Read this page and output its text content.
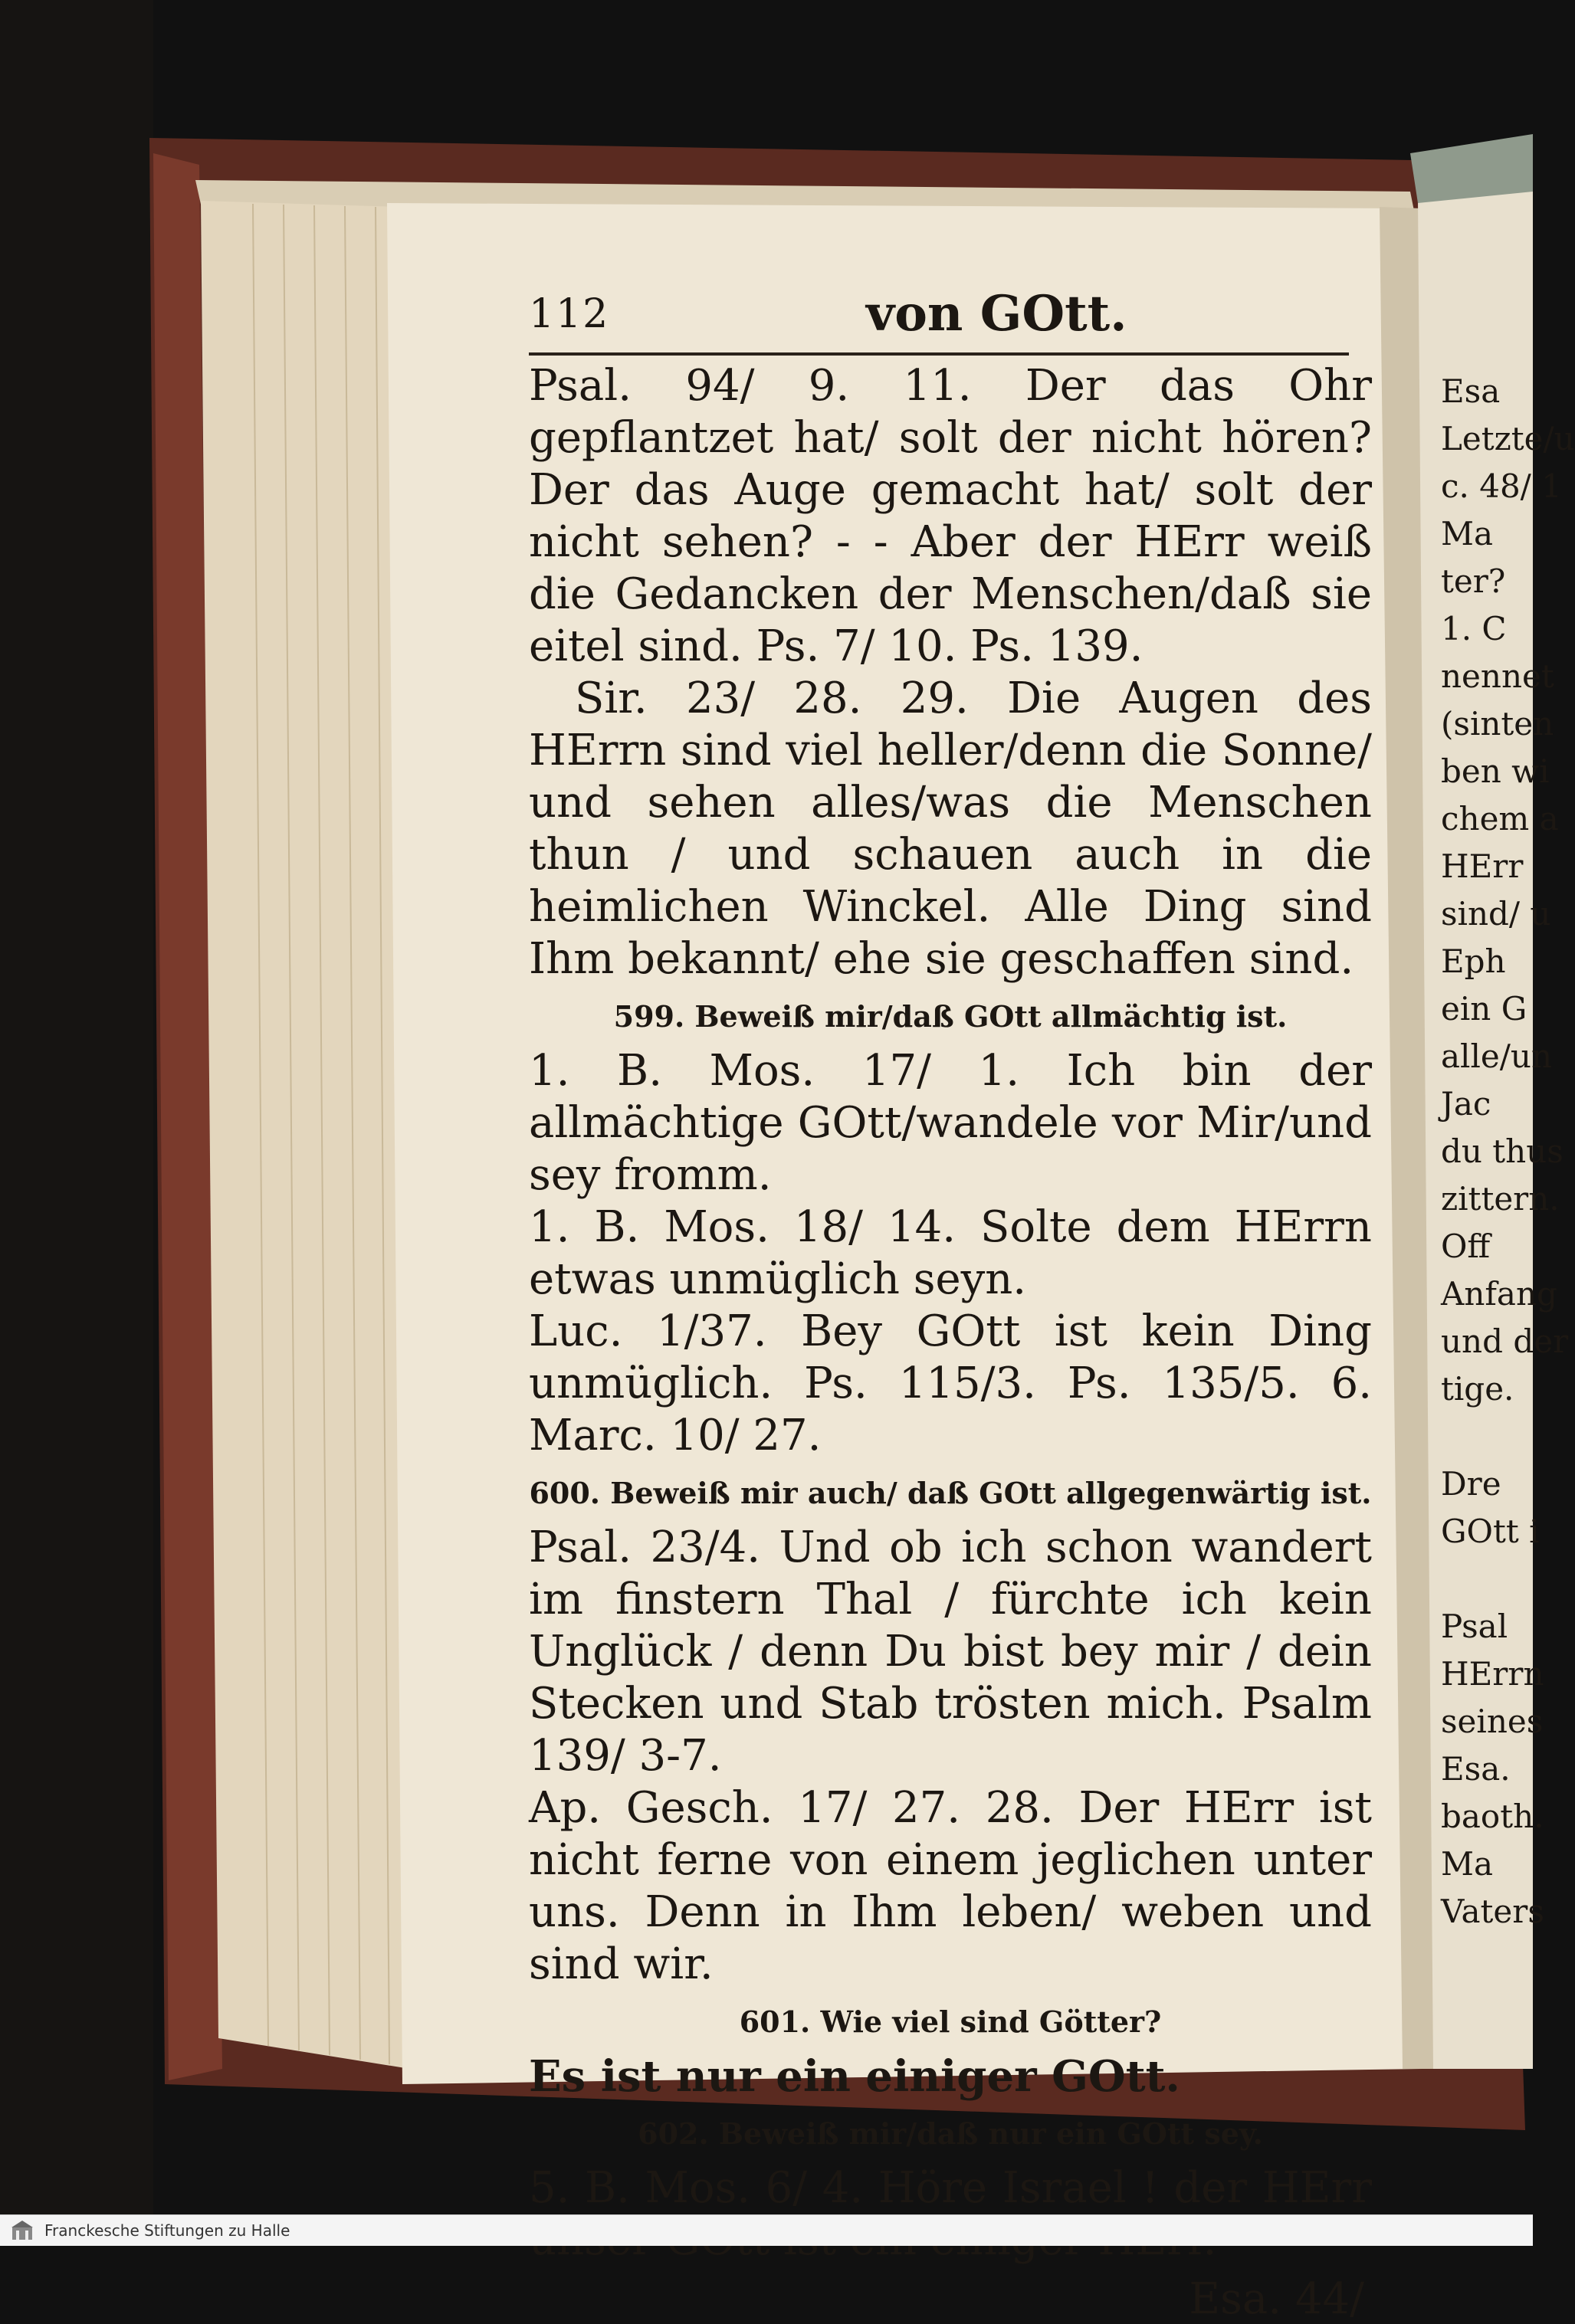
112	von GOtt.

Psal. 94/ 9. 11. Der das Ohr gepflantzet hat/ solt der nicht hören? Der das Auge gemacht hat/ solt der nicht sehen? - - Aber der HErr weiß die Gedancken der Menschen/daß sie eitel sind. Ps. 7/ 10. Ps. 139.

Sir. 23/ 28. 29. Die Augen des HErrn sind viel heller/denn die Sonne/ und sehen alles/was die Menschen thun / und schauen auch in die heimlichen Winckel. Alle Ding sind Ihm bekannt/ ehe sie geschaffen sind.

599. Beweiß mir/daß GOtt allmächtig ist.

1. B. Mos. 17/ 1. Ich bin der allmächtige GOtt/wandele vor Mir/und sey fromm.

1. B. Mos. 18/ 14. Solte dem HErrn etwas unmüglich seyn.

Luc. 1/37. Bey GOtt ist kein Ding unmüglich. Ps. 115/3. Ps. 135/5. 6. Marc. 10/ 27.

600. Beweiß mir auch/ daß GOtt allgegenwärtig ist.

Psal. 23/4. Und ob ich schon wandert im finstern Thal / fürchte ich kein Unglück / denn Du bist bey mir / dein Stecken und Stab trösten mich. Psalm 139/ 3-7.

Ap. Gesch. 17/ 27. 28. Der HErr ist nicht ferne von einem jeglichen unter uns. Denn in Ihm leben/ weben und sind wir.

601. Wie viel sind Götter?

Es ist nur ein einiger GOtt.

602. Beweiß mir/daß nur ein GOtt sey.

5. B. Mos. 6/ 4. Höre Israel ! der HErr

Esa. 44/
Esa
Letzte/u
c. 48/ 1
Ma
ter?
1. C
nennet
(sinten
ben wi
chem a
HErr
sind/ u
Eph
ein G
alle/un
Jac
du thus
zittern.
Off
Anfang
und der
tige.

Dre
GOtt i

Psal
HErrn
seines
Esa.
baoth.
Ma
Vaters
Franckesche Stiftungen zu Halle
